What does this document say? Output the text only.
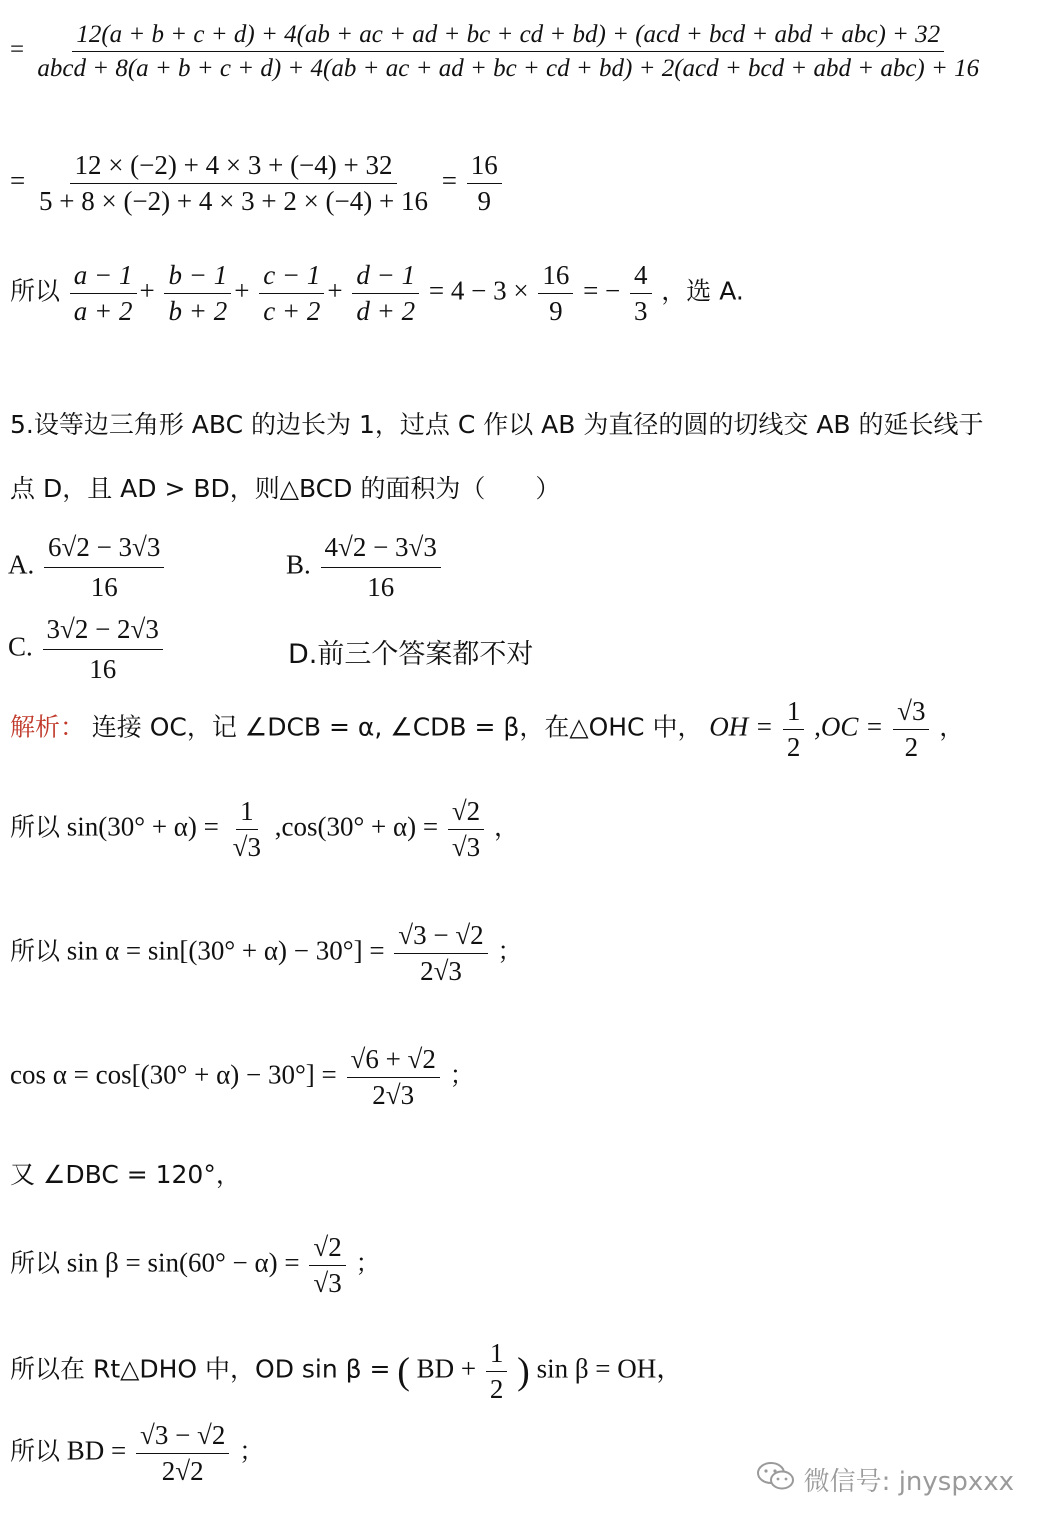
=
12(a + b + c + d) + 4(ab + ac + ad + bc + cd + bd) + (acd + bcd + abd + abc) + 32
abcd + 8(a + b + c + d) + 4(ab + ac + ad + bc + cd + bd) + 2(acd + bcd + abd + abc) + 16
= $\frac{12 \times (-2) + 4 \times 3 + (-4) + 32}{5 + 8 \times (-2) + 4 \times 3 + 2 \times (-4) + 16} = \frac{16}{9}$
所以 $\frac{a - 1}{a + 2} + \frac{b - 1}{b + 2} + \frac{c - 1}{c + 2} + \frac{d - 1}{d + 2} = 4 - 3 \times \frac{16}{9}$ = − $\frac{4}{3}$ ，选 A.
5.设等边三角形 ABC 的边长为 1，过点 C 作以 AB 为直径的圆的切线交 AB 的延长线于
点 D，且 AD > BD，则△BCD 的面积为（　　）
A. $\frac{6√2 - 3√3}{16}$	B. $\frac{4√2 - 3√3}{16}$
C. $\frac{3√2 - 2√3}{16}$	D.前三个答案都不对
解析： 连接 OC，记 ∠DCB = α, ∠CDB = β，在△OHC 中， OH = $\frac{1}{2} ,OC = \frac{√3}{2}$ ，
所以 $\sin(30^\circ + \alpha) = \frac{1}{√3} ,\cos(30^\circ + \alpha) = \frac{√2}{√3}$ ，
所以 $\sin \alpha = \sin[(30^\circ + \alpha) - 30^\circ] = \frac{√3 - √2}{2√3}$ ；
$\cos \alpha = \cos[(30^\circ + \alpha) - 30^\circ] = \frac{√6 + √2}{2√3}$ ；
又 ∠DBC = 120°，
所以 $\sin \beta = \sin(60^\circ - \alpha) = \frac{√2}{√3}$ ；
所以在 Rt△DHO 中，OD sin β = ( BD + $\frac{1}{2}$ ) sin β = OH，
所以 BD = $\frac{√3 - √2}{2√2}$ ；
微信号: jnyspxxx
